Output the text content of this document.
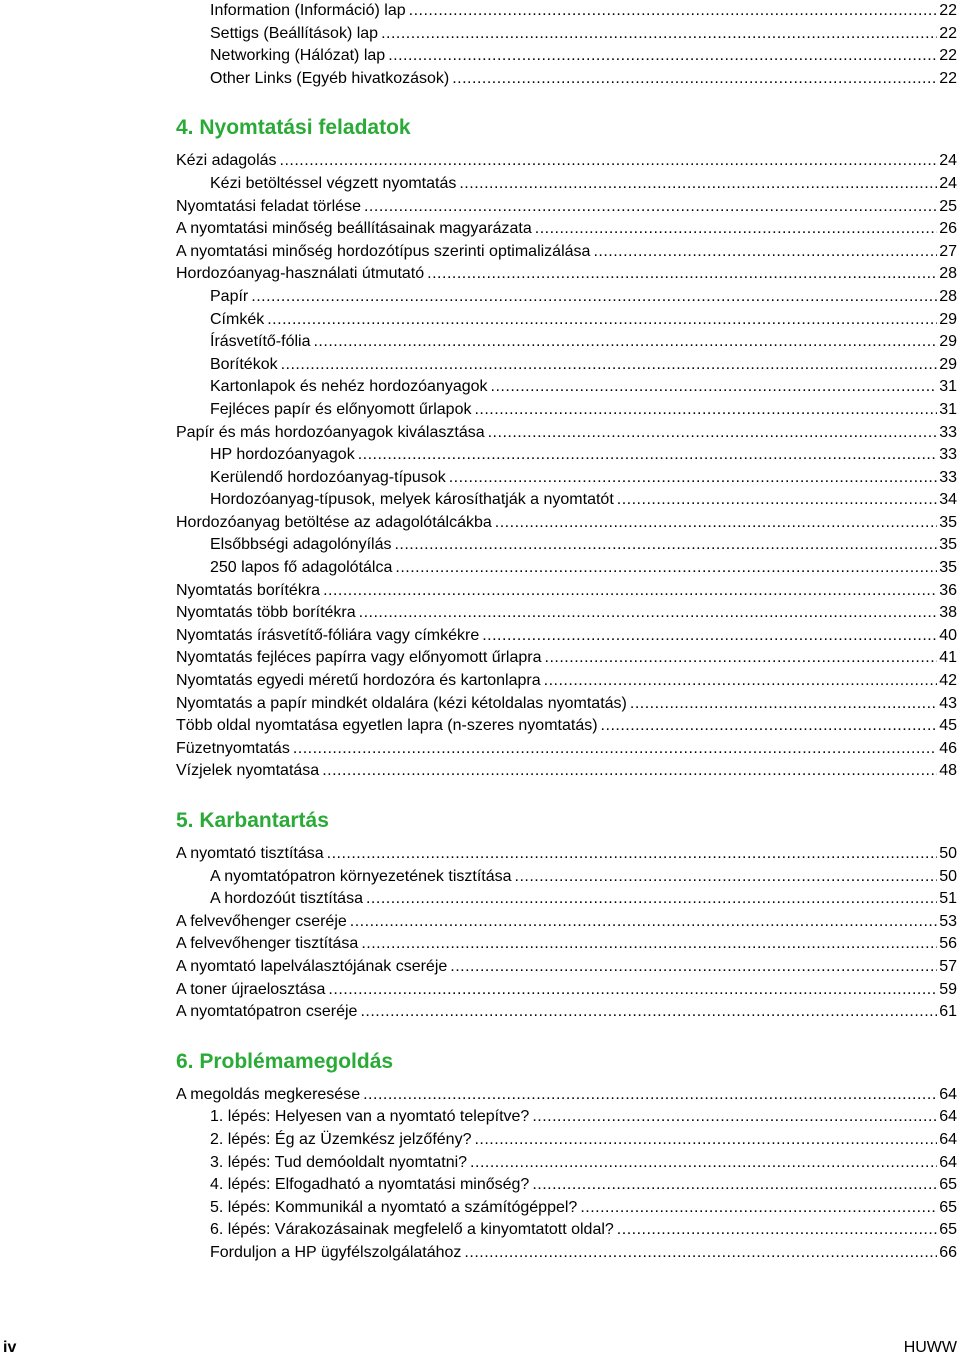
Information (Információ) lap .....	22
Settigs (Beállítások) lap .....	22
Networking (Hálózat) lap .....	22
Other Links (Egyéb hivatkozások) .....	22
4. Nyomtatási feladatok
Kézi adagolás .....	24
Kézi betöltéssel végzett nyomtatás .....	24
Nyomtatási feladat törlése .....	25
A nyomtatási minőség beállításainak magyarázata .....	26
A nyomtatási minőség hordozótípus szerinti optimalizálása .....	27
Hordozóanyag-használati útmutató .....	28
Papír .....	28
Címkék .....	29
Írásvetítő-fólia .....	29
Borítékok .....	29
Kartonlapok és nehéz hordozóanyagok .....	31
Fejléces papír és előnyomott űrlapok .....	31
Papír és más hordozóanyagok kiválasztása .....	33
HP hordozóanyagok .....	33
Kerülendő hordozóanyag-típusok .....	33
Hordozóanyag-típusok, melyek károsíthatják a nyomtatót .....	34
Hordozóanyag betöltése az adagolótálcákba .....	35
Elsőbbségi adagolónyílás .....	35
250 lapos fő adagolótálca .....	35
Nyomtatás borítékra .....	36
Nyomtatás több borítékra .....	38
Nyomtatás írásvetítő-fóliára vagy címkékre .....	40
Nyomtatás fejléces papírra vagy előnyomott űrlapra .....	41
Nyomtatás egyedi méretű hordozóra és kartonlapra .....	42
Nyomtatás a papír mindkét oldalára (kézi kétoldalas nyomtatás) .....	43
Több oldal nyomtatása egyetlen lapra (n-szeres nyomtatás) .....	45
Füzetnyomtatás .....	46
Vízjelek nyomtatása .....	48
5. Karbantartás
A nyomtató tisztítása .....	50
A nyomtatópatron környezetének tisztítása .....	50
A hordozóút tisztítása .....	51
A felvevőhenger cseréje .....	53
A felvevőhenger tisztítása .....	56
A nyomtató lapelválasztójának cseréje .....	57
A toner újraelosztása .....	59
A nyomtatópatron cseréje .....	61
6. Problémamegoldás
A megoldás megkeresése .....	64
1. lépés: Helyesen van a nyomtató telepítve? .....	64
2. lépés: Ég az Üzemkész jelzőfény? .....	64
3. lépés: Tud demóoldalt nyomtatni? .....	64
4. lépés: Elfogadható a nyomtatási minőség? .....	65
5. lépés: Kommunikál a nyomtató a számítógéppel? .....	65
6. lépés: Várakozásainak megfelelő a kinyomtatott oldal? .....	65
Forduljon a HP ügyfélszolgálatához .....	66
iv	HUWW
